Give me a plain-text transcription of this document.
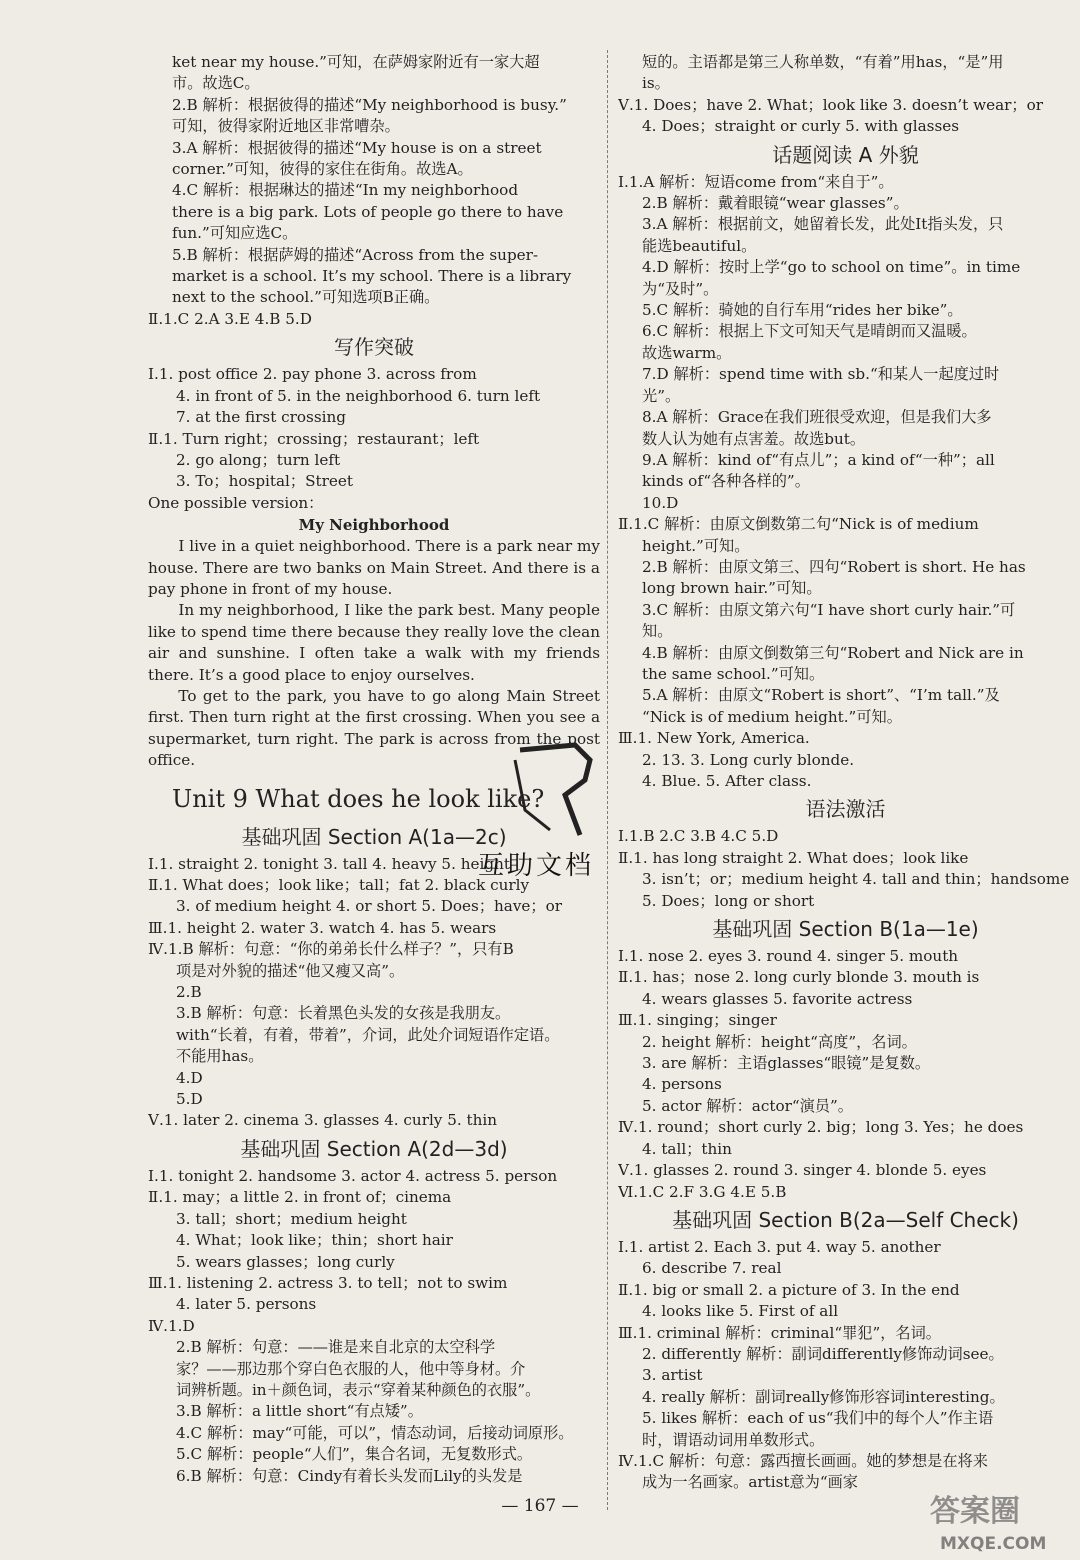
ket near my house.”可知，在萨姆家附近有一家大超
市。故选C。
2.B 解析：根据彼得的描述“My neighborhood is busy.”
可知，彼得家附近地区非常嘈杂。
3.A 解析：根据彼得的描述“My house is on a street
corner.”可知，彼得的家住在街角。故选A。
4.C 解析：根据琳达的描述“In my neighborhood
there is a big park. Lots of people go there to have
fun.”可知应选C。
5.B 解析：根据萨姆的描述“Across from the super-
market is a school. It’s my school. There is a library
next to the school.”可知选项B正确。
Ⅱ.1.C 2.A 3.E 4.B 5.D
写作突破
Ⅰ.1. post office 2. pay phone 3. across from
4. in front of 5. in the neighborhood 6. turn left
7. at the first crossing
Ⅱ.1. Turn right；crossing；restaurant；left
2. go along；turn left
3. To；hospital；Street
One possible version：
My Neighborhood
I live in a quiet neighborhood. There is a park near my house. There are two banks on Main Street. And there is a pay phone in front of my house.
In my neighborhood, I like the park best. Many people like to spend time there because they really love the clean air and sunshine. I often take a walk with my friends there. It’s a good place to enjoy ourselves.
To get to the park, you have to go along Main Street first. Then turn right at the first crossing. When you see a supermarket, turn right. The park is across from the post office.
Unit 9 What does he look like?
基础巩固 Section A(1a—2c)
Ⅰ.1. straight 2. tonight 3. tall 4. heavy 5. height
Ⅱ.1. What does；look like；tall；fat 2. black curly
3. of medium height 4. or short 5. Does；have；or
Ⅲ.1. height 2. water 3. watch 4. has 5. wears
Ⅳ.1.B 解析：句意：“你的弟弟长什么样子？”，只有B
项是对外貌的描述“他又瘦又高”。
2.B
3.B 解析：句意：长着黑色头发的女孩是我朋友。
with“长着，有着，带着”，介词，此处介词短语作定语。
不能用has。
4.D
5.D
Ⅴ.1. later 2. cinema 3. glasses 4. curly 5. thin
基础巩固 Section A(2d—3d)
Ⅰ.1. tonight 2. handsome 3. actor 4. actress 5. person
Ⅱ.1. may；a little 2. in front of；cinema
3. tall；short；medium height
4. What；look like；thin；short hair
5. wears glasses；long curly
Ⅲ.1. listening 2. actress 3. to tell；not to swim
4. later 5. persons
Ⅳ.1.D
2.B 解析：句意：——谁是来自北京的太空科学
家？——那边那个穿白色衣服的人，他中等身材。介
词辨析题。in＋颜色词，表示“穿着某种颜色的衣服”。
3.B 解析：a little short“有点矮”。
4.C 解析：may“可能，可以”，情态动词，后接动词原形。
5.C 解析：people“人们”，集合名词，无复数形式。
6.B 解析：句意：Cindy有着长头发而Lily的头发是
短的。主语都是第三人称单数，“有着”用has，“是”用
is。
Ⅴ.1. Does；have 2. What；look like 3. doesn’t wear；or
4. Does；straight or curly 5. with glasses
话题阅读 A 外貌
Ⅰ.1.A 解析：短语come from“来自于”。
2.B 解析：戴着眼镜“wear glasses”。
3.A 解析：根据前文，她留着长发，此处It指头发，只
能选beautiful。
4.D 解析：按时上学“go to school on time”。in time
为“及时”。
5.C 解析：骑她的自行车用“rides her bike”。
6.C 解析：根据上下文可知天气是晴朗而又温暖。
故选warm。
7.D 解析：spend time with sb.“和某人一起度过时
光”。
8.A 解析：Grace在我们班很受欢迎，但是我们大多
数人认为她有点害羞。故选but。
9.A 解析：kind of“有点儿”；a kind of“一种”；all
kinds of“各种各样的”。
10.D
Ⅱ.1.C 解析：由原文倒数第二句“Nick is of medium
height.”可知。
2.B 解析：由原文第三、四句“Robert is short. He has
long brown hair.”可知。
3.C 解析：由原文第六句“I have short curly hair.”可
知。
4.B 解析：由原文倒数第三句“Robert and Nick are in
the same school.”可知。
5.A 解析：由原文“Robert is short”、“I’m tall.”及
“Nick is of medium height.”可知。
Ⅲ.1. New York, America.
2. 13. 3. Long curly blonde.
4. Blue. 5. After class.
语法激活
Ⅰ.1.B 2.C 3.B 4.C 5.D
Ⅱ.1. has long straight 2. What does；look like
3. isn’t；or；medium height 4. tall and thin；handsome
5. Does；long or short
基础巩固 Section B(1a—1e)
Ⅰ.1. nose 2. eyes 3. round 4. singer 5. mouth
Ⅱ.1. has；nose 2. long curly blonde 3. mouth is
4. wears glasses 5. favorite actress
Ⅲ.1. singing；singer
2. height 解析：height“高度”，名词。
3. are 解析：主语glasses“眼镜”是复数。
4. persons
5. actor 解析：actor“演员”。
Ⅳ.1. round；short curly 2. big；long 3. Yes；he does
4. tall；thin
Ⅴ.1. glasses 2. round 3. singer 4. blonde 5. eyes
Ⅵ.1.C 2.F 3.G 4.E 5.B
基础巩固 Section B(2a—Self Check)
Ⅰ.1. artist 2. Each 3. put 4. way 5. another
6. describe 7. real
Ⅱ.1. big or small 2. a picture of 3. In the end
4. looks like 5. First of all
Ⅲ.1. criminal 解析：criminal“罪犯”，名词。
2. differently 解析：副词differently修饰动词see。
3. artist
4. really 解析：副词really修饰形容词interesting。
5. likes 解析：each of us“我们中的每个人”作主语
时，谓语动词用单数形式。
Ⅳ.1.C 解析：句意：露西擅长画画。她的梦想是在将来
成为一名画家。artist意为“画家
互助文档
— 167 —	答案圈
MXQE.COM
